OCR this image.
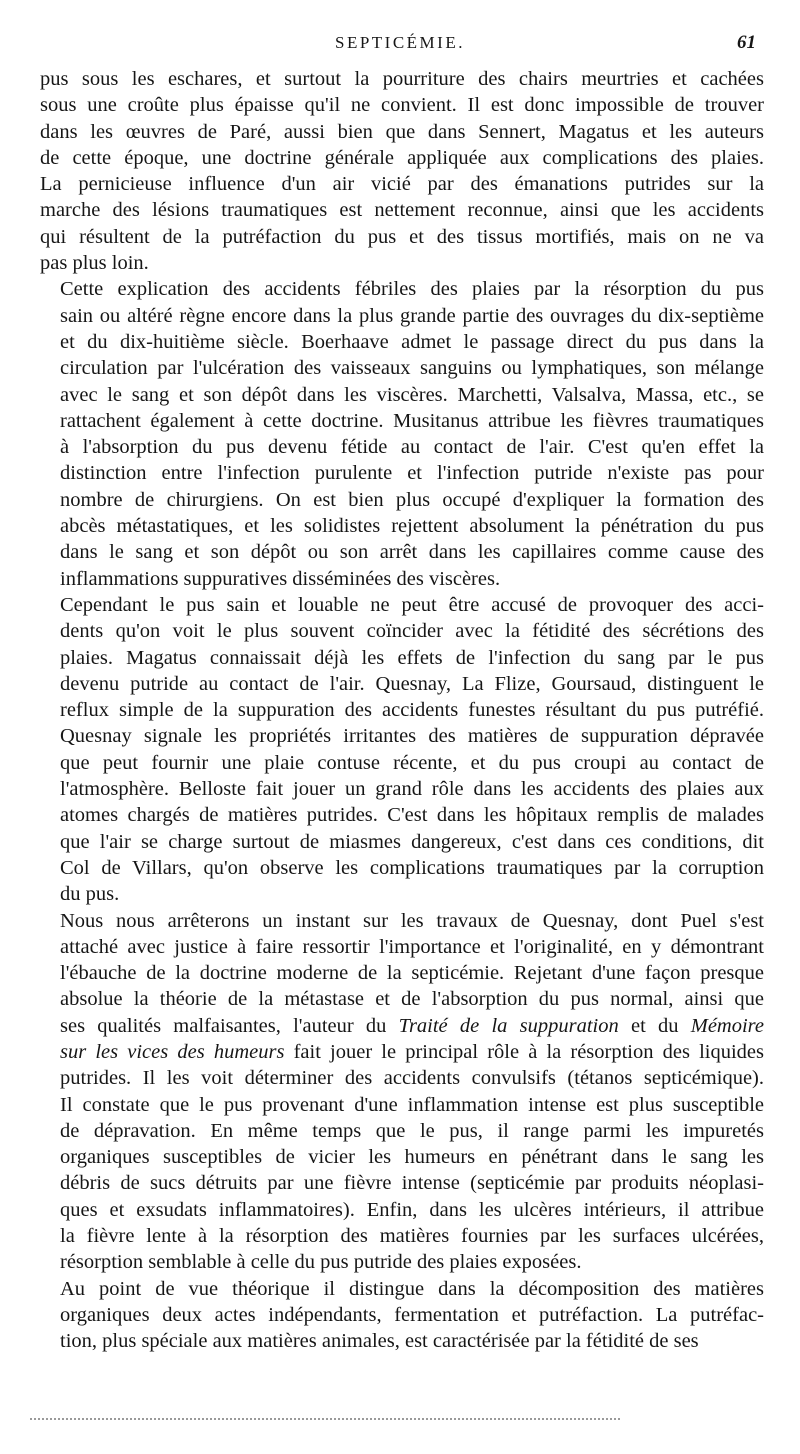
SEPTICÉMIE.	61

pus sous les eschares, et surtout la pourriture des chairs meurtries et cachées
sous une croûte plus épaisse qu'il ne convient. Il est donc impossible de trouver
dans les œuvres de Paré, aussi bien que dans Sennert, Magatus et les auteurs
de cette époque, une doctrine générale appliquée aux complications des plaies.
La pernicieuse influence d'un air vicié par des émanations putrides sur la
marche des lésions traumatiques est nettement reconnue, ainsi que les accidents
qui résultent de la putréfaction du pus et des tissus mortifiés, mais on ne va
pas plus loin.

Cette explication des accidents fébriles des plaies par la résorption du pus
sain ou altéré règne encore dans la plus grande partie des ouvrages du dix-septième
et du dix-huitième siècle. Boerhaave admet le passage direct du pus dans la
circulation par l'ulcération des vaisseaux sanguins ou lymphatiques, son mélange
avec le sang et son dépôt dans les viscères. Marchetti, Valsalva, Massa, etc., se
rattachent également à cette doctrine. Musitanus attribue les fièvres traumatiques
à l'absorption du pus devenu fétide au contact de l'air. C'est qu'en effet la
distinction entre l'infection purulente et l'infection putride n'existe pas pour
nombre de chirurgiens. On est bien plus occupé d'expliquer la formation des
abcès métastatiques, et les solidistes rejettent absolument la pénétration du pus
dans le sang et son dépôt ou son arrêt dans les capillaires comme cause des
inflammations suppuratives disséminées des viscères.

Cependant le pus sain et louable ne peut être accusé de provoquer des acci-
dents qu'on voit le plus souvent coïncider avec la fétidité des sécrétions des
plaies. Magatus connaissait déjà les effets de l'infection du sang par le pus
devenu putride au contact de l'air. Quesnay, La Flize, Goursaud, distinguent le
reflux simple de la suppuration des accidents funestes résultant du pus putréfié.
Quesnay signale les propriétés irritantes des matières de suppuration dépravée
que peut fournir une plaie contuse récente, et du pus croupi au contact de
l'atmosphère. Belloste fait jouer un grand rôle dans les accidents des plaies aux
atomes chargés de matières putrides. C'est dans les hôpitaux remplis de malades
que l'air se charge surtout de miasmes dangereux, c'est dans ces conditions, dit
Col de Villars, qu'on observe les complications traumatiques par la corruption
du pus.

Nous nous arrêterons un instant sur les travaux de Quesnay, dont Puel s'est
attaché avec justice à faire ressortir l'importance et l'originalité, en y démontrant
l'ébauche de la doctrine moderne de la septicémie. Rejetant d'une façon presque
absolue la théorie de la métastase et de l'absorption du pus normal, ainsi que
ses qualités malfaisantes, l'auteur du Traité de la suppuration et du Mémoire
sur les vices des humeurs fait jouer le principal rôle à la résorption des liquides
putrides. Il les voit déterminer des accidents convulsifs (tétanos septicémique).
Il constate que le pus provenant d'une inflammation intense est plus susceptible
de dépravation. En même temps que le pus, il range parmi les impuretés
organiques susceptibles de vicier les humeurs en pénétrant dans le sang les
débris de sucs détruits par une fièvre intense (septicémie par produits néoplasi-
ques et exsudats inflammatoires). Enfin, dans les ulcères intérieurs, il attribue
la fièvre lente à la résorption des matières fournies par les surfaces ulcérées,
résorption semblable à celle du pus putride des plaies exposées.

Au point de vue théorique il distingue dans la décomposition des matières
organiques deux actes indépendants, fermentation et putréfaction. La putréfac-
tion, plus spéciale aux matières animales, est caractérisée par la fétidité de ses
